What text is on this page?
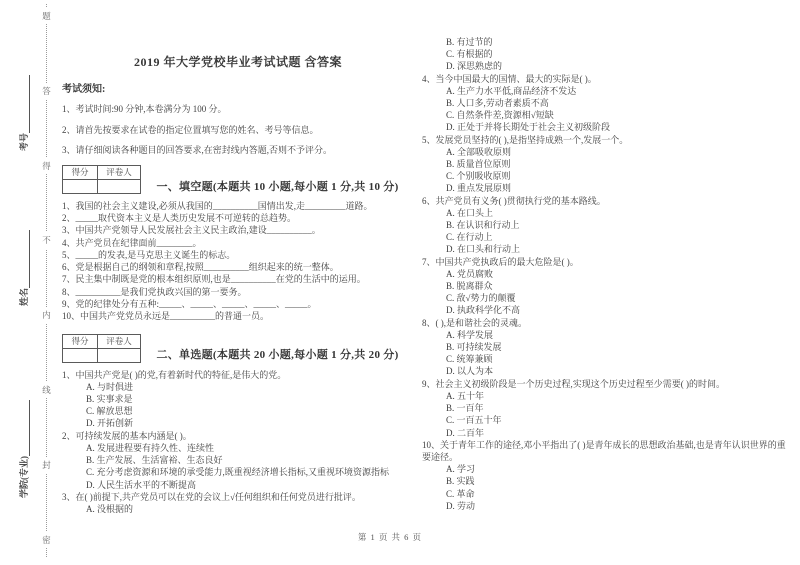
题
答
得
不
内
线
封
密
考号
姓名
学院(专业)
2019 年大学党校毕业考试试题 含答案
考试须知:
1、考试时间:90 分钟,本卷满分为 100 分。
2、请首先按要求在试卷的指定位置填写您的姓名、考号等信息。
3、请仔细阅读各种题目的回答要求,在密封线内答题,否则不予评分。
得分	评卷人

一、填空题(本题共 10 小题,每小题 1 分,共 10 分)
1、我国的社会主义建设,必须从我国的__________国情出发,走_________道路。
2、_____取代资本主义是人类历史发展不可逆转的总趋势。
3、中国共产党领导人民发展社会主义民主政治,建设__________。
4、共产党员在纪律面前________。
5、_____的发表,是马克思主义诞生的标志。
6、党是根据自己的纲领和章程,按照__________组织起来的统一整体。
7、民主集中制既是党的根本组织原则,也是__________在党的生活中的运用。
8、__________是我们党执政兴国的第一要务。
9、党的纪律处分有五种:_____、_____、_____、_____、_____。
10、中国共产党党员永远是__________的普通一员。
得分	评卷人

二、单选题(本题共 20 小题,每小题 1 分,共 20 分)
1、中国共产党是( )的党,有着新时代的特征,是伟大的党。
A. 与时俱进
B. 实事求是
C. 解放思想
D. 开拓创新
2、可持续发展的基本内涵是( )。
A. 发展进程要有持久性、连续性
B. 生产发展、生活富裕、生态良好
C. 充分考虑资源和环境的承受能力,既重视经济增长指标,又重视环境资源指标
D. 人民生活水平的不断提高
3、在( )前提下,共产党员可以在党的会议上√任何组织和任何党员进行批评。
A. 没根据的
B. 有过节的
C. 有根据的
D. 深思熟虑的
4、当今中国最大的国情、最大的实际是( )。
A. 生产力水平低,商品经济不发达
B. 人口多,劳动者素质不高
C. 自然条件差,资源相√短缺
D. 正处于并将长期处于社会主义初级阶段
5、发展党员坚持的( ),是指坚持成熟一个,发展一个。
A. 全部吸收原则
B. 质量首位原则
C. 个别吸收原则
D. 重点发展原则
6、共产党员有义务( )贯彻执行党的基本路线。
A. 在口头上
B. 在认识和行动上
C. 在行动上
D. 在口头和行动上
7、中国共产党执政后的最大危险是( )。
A. 党员腐败
B. 脱离群众
C. 敌√势力的颠覆
D. 执政科学化不高
8、( ),是和谐社会的灵魂。
A. 科学发展
B. 可持续发展
C. 统筹兼顾
D. 以人为本
9、社会主义初级阶段是一个历史过程,实现这个历史过程至少需要( )的时间。
A. 五十年
B. 一百年
C. 一百五十年
D. 二百年
10、关于青年工作的途径,邓小平指出了( )是青年成长的思想政治基础,也是青年认识世界的重要途径。
A. 学习
B. 实践
C. 革命
D. 劳动
第 1 页 共 6 页
